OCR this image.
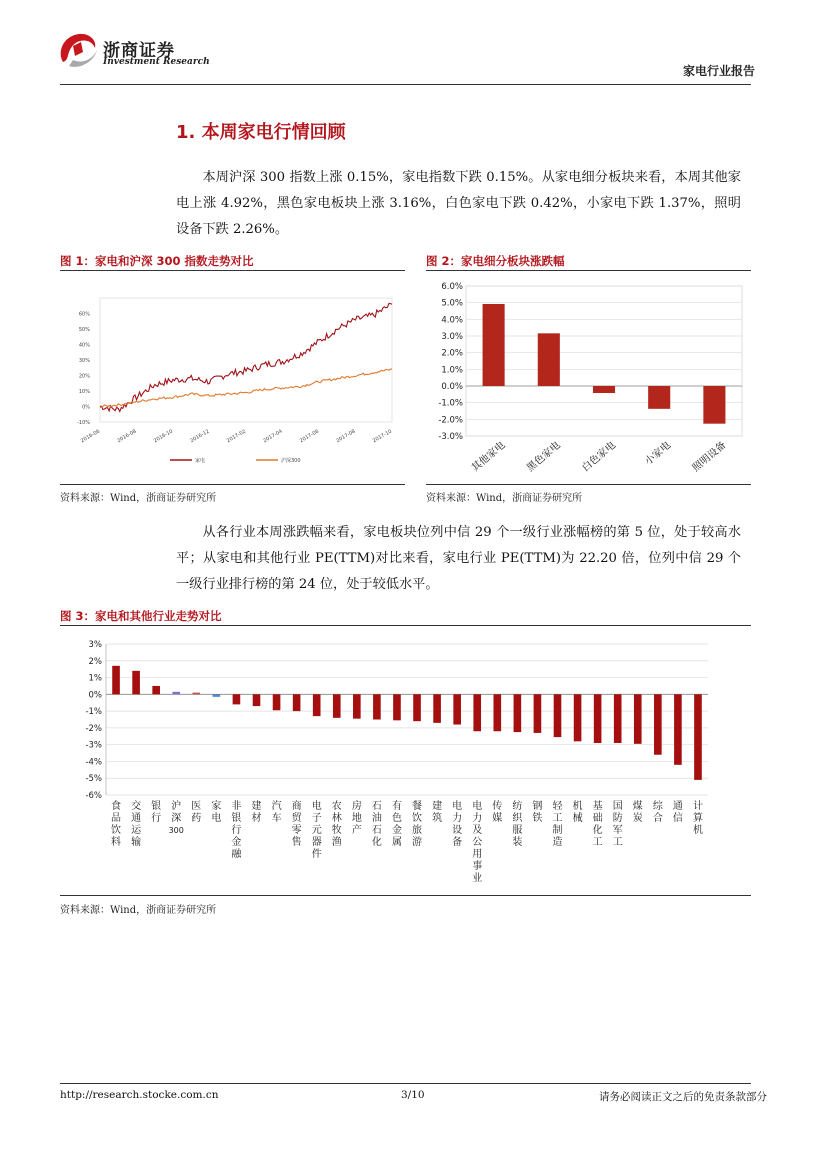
浙商证券
Investment Research
家电行业报告
1. 本周家电行情回顾
本周沪深 300 指数上涨 0.15%，家电指数下跌 0.15%。从家电细分板块来看，本周其他家电上涨 4.92%，黑色家电板块上涨 3.16%，白色家电下跌 0.42%，小家电下跌 1.37%，照明设备下跌 2.26%。
图 1：家电和沪深 300 指数走势对比
60%
50%
40%
30%
20%
10%
0%
-10%
2016-06	2016-08	2016-10	2016-12	2017-02	2017-04	2017-06	2017-08	2017-10
家电	沪深300
资料来源：Wind，浙商证券研究所
图 2：家电细分板块涨跌幅
6.0%
5.0%
4.0%
3.0%
2.0%
1.0%
0.0%
-1.0%
-2.0%
-3.0%
其他家电 黑色家电 白色家电	小家电 照明设备
资料来源：Wind，浙商证券研究所
从各行业本周涨跌幅来看，家电板块位列中信 29 个一级行业涨幅榜的第 5 位，处于较高水平；从家电和其他行业 PE(TTM)对比来看，家电行业 PE(TTM)为 22.20 倍，位列中信 29 个一级行业排行榜的第 24 位，处于较低水平。
图 3：家电和其他行业走势对比
3%
2%
1%
0%
-1%
-2%
-3%
-4%
-5%
-6%
食品饮料
交通运输
银行
沪深 300
医药
家电
非银行金融
建材
汽车
商贸零售
电子元器件
农林牧渔
房地产
石油石化
有色金属
餐饮旅游
建筑
电力设备
电力及公用事业
传媒
纺织服装
钢铁
轻工制造
机械
基础化工
国防军工
煤炭
综合
通信
计算机
资料来源：Wind，浙商证券研究所
http://research.stocke.com.cn	3/10	请务必阅读正文之后的免责条款部分
